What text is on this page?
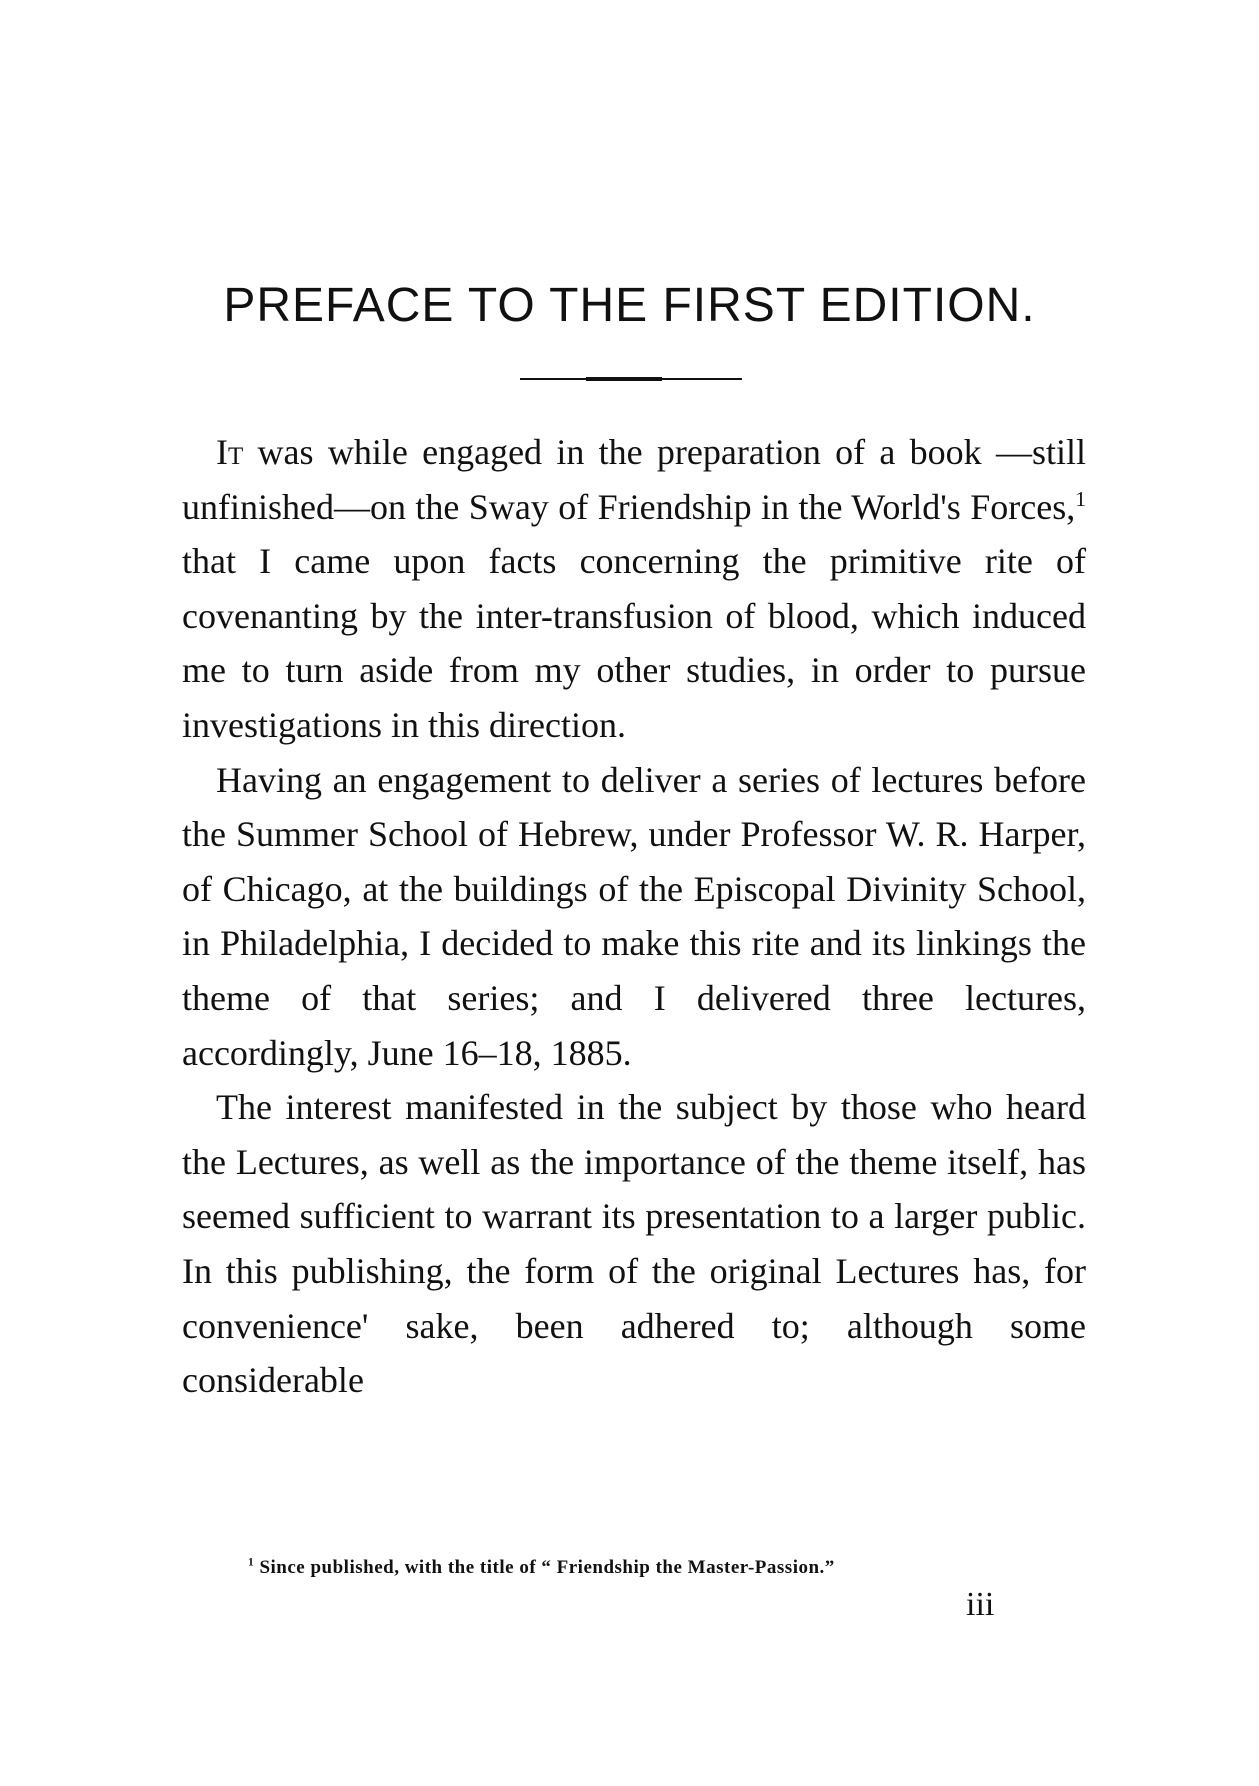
PREFACE TO THE FIRST EDITION.

It was while engaged in the preparation of a book —still unfinished—on the Sway of Friendship in the World's Forces,$^1$ that I came upon facts concerning the primitive rite of covenanting by the inter-transfusion of blood, which induced me to turn aside from my other studies, in order to pursue investigations in this direction.

Having an engagement to deliver a series of lectures before the Summer School of Hebrew, under Professor W. R. Harper, of Chicago, at the buildings of the Episcopal Divinity School, in Philadelphia, I decided to make this rite and its linkings the theme of that series; and I delivered three lectures, accordingly, June 16–18, 1885.

The interest manifested in the subject by those who heard the Lectures, as well as the importance of the theme itself, has seemed sufficient to warrant its presentation to a larger public. In this publishing, the form of the original Lectures has, for convenience' sake, been adhered to; although some considerable

$^1$ Since published, with the title of “ Friendship the Master-Passion.”
iii
